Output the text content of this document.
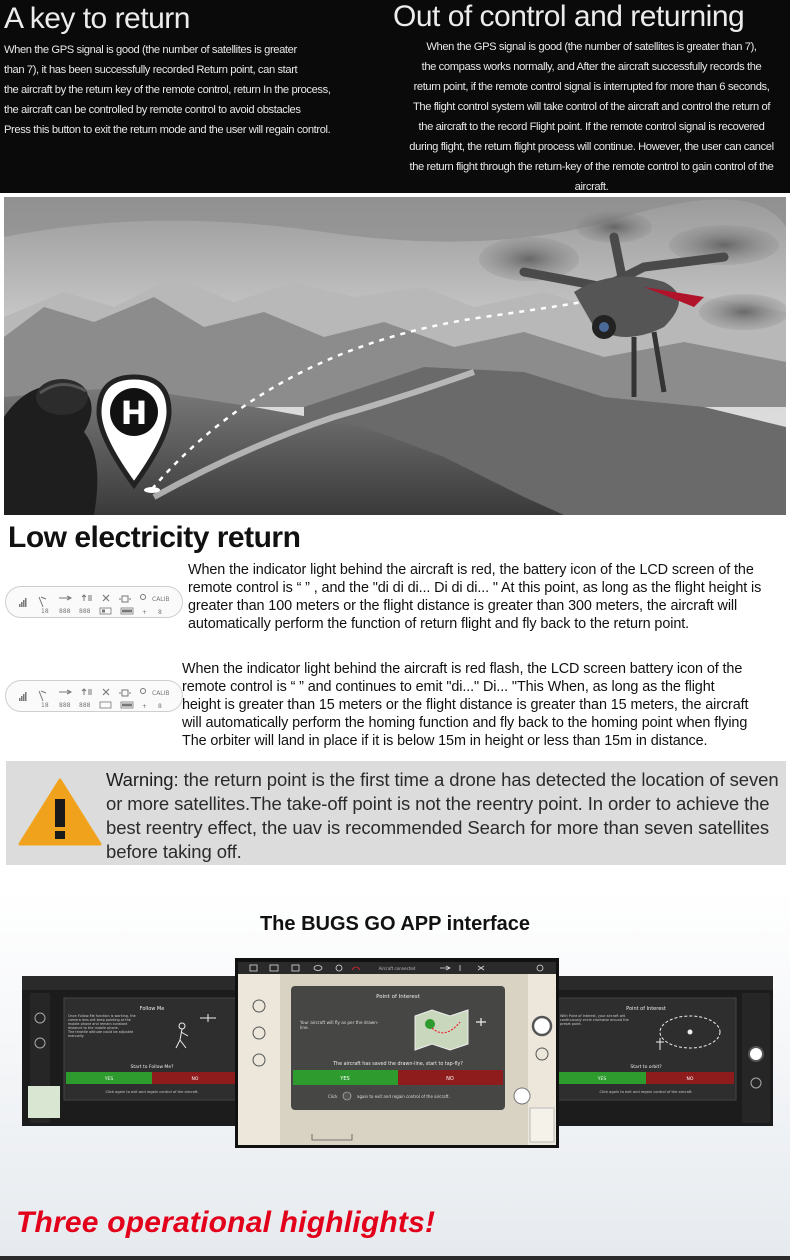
A key to return

When the GPS signal is good (the number of satellites is greater
than 7), it has been successfully recorded Return point, can start
the aircraft by the return key of the remote control, return In the process,
the aircraft can be controlled by remote control to avoid obstacles
Press this button to exit the return mode and the user will regain control.

Out of control and returning

When the GPS signal is good (the number of satellites is greater than 7),
the compass works normally, and After the aircraft successfully records the
return point, if the remote control signal is interrupted for more than 6 seconds,
The flight control system will take control of the aircraft and control the return of
the aircraft to the record Flight point. If the remote control signal is recovered
during flight, the return flight process will continue. However, the user can cancel
the return flight through the return-key of the remote control to gain control of the
aircraft.

H
Low electricity return
CALIB
18 888 888	+ 8

When the indicator light behind the aircraft is red, the battery icon of the LCD screen of the remote control is “ ” , and the "di di di... Di di di... " At this point, as long as the flight height is greater than 100 meters or the flight distance is greater than 300 meters, the aircraft will automatically perform the function of return flight and fly back to the return point.

CALIB
18 888 888	+ 8

When the indicator light behind the aircraft is red flash, the LCD screen battery icon of the
remote control is “ ” and continues to emit "di..." Di... "This When, as long as the flight
height is greater than 15 meters or the flight distance is greater than 15 meters, the aircraft
will automatically perform the homing function and fly back to the homing point when flying
The orbiter will land in place if it is below 15m in height or less than 15m in distance.

Warning: the return point is the first time a drone has detected the location of seven or more satellites.The take-off point is not the reentry point. In order to achieve the best reentry effect, the uav is recommended Search for more than seven satellites before taking off.

The BUGS GO APP interface
Follow Me
Once Follow-Me function is working, the camera lens will keep pointing at the mobile phone and remain constant distance to the mobile phone.
The throttle altitude could be adjusted manually.
Start to Follow Me?
YES	NO
Click again to exit and regain control of the aircraft.
Point of Interest
With Point of Interest, your aircraft will continuously circle clockwise around the preset point.
Start to orbit?
YES	NO
Click again to exit and regain control of the aircraft.
Aircraft connected
Point of Interest
Your aircraft will fly as per the drawn-line.
The aircraft has saved the drawn-line, start to tap-fly?
YES	NO
Click	again to exit and regain control of the aircraft.
Three operational highlights!
